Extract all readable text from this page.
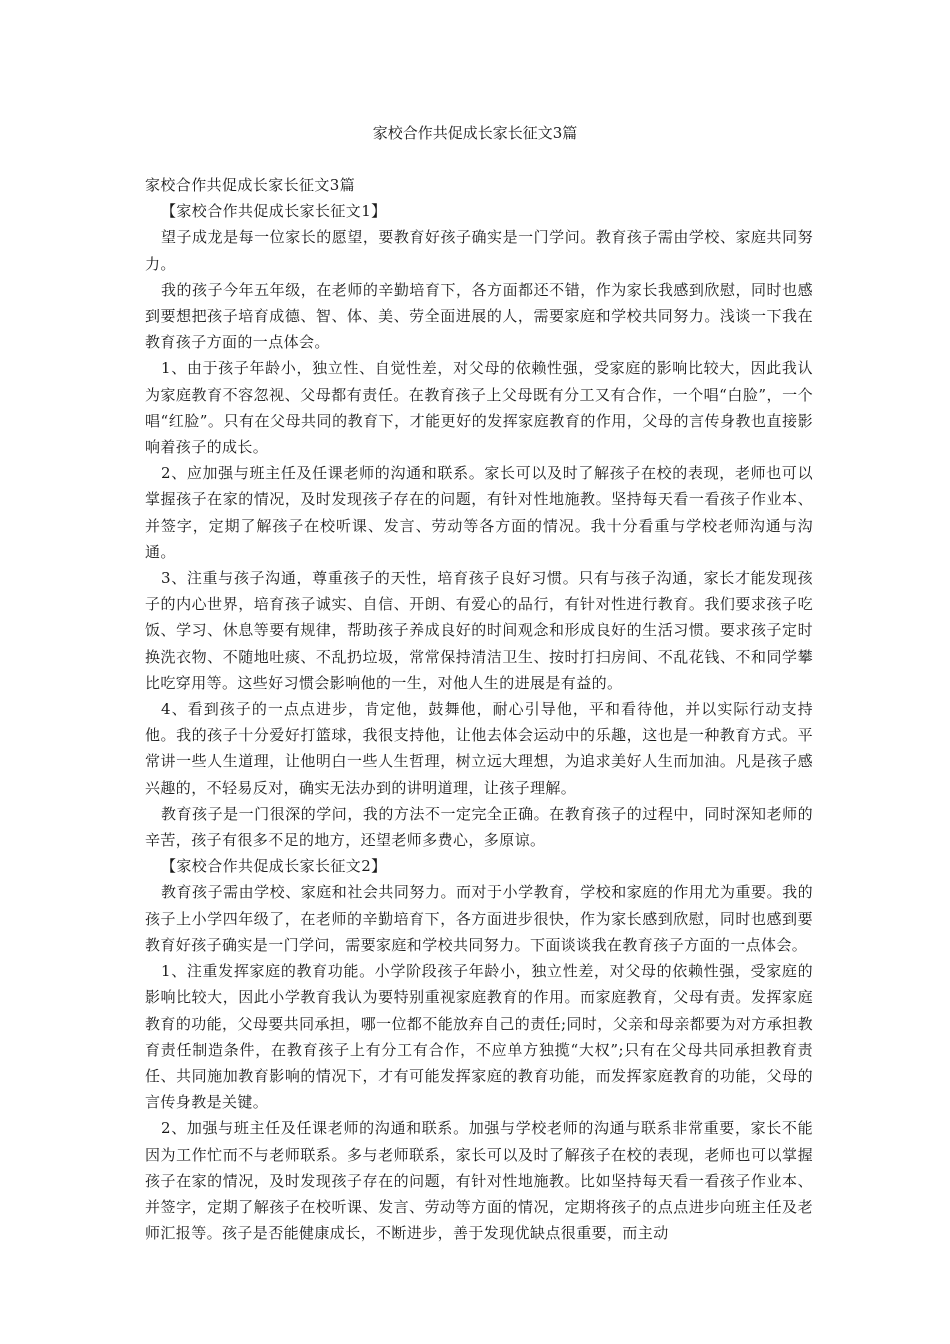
家校合作共促成长家长征文3篇

家校合作共促成长家长征文3篇

【家校合作共促成长家长征文1】

望子成龙是每一位家长的愿望，要教育好孩子确实是一门学问。教育孩子需由学校、家庭共同努力。

我的孩子今年五年级，在老师的辛勤培育下，各方面都还不错，作为家长我感到欣慰，同时也感到要想把孩子培育成德、智、体、美、劳全面进展的人，需要家庭和学校共同努力。浅谈一下我在教育孩子方面的一点体会。

1、由于孩子年龄小，独立性、自觉性差，对父母的依赖性强，受家庭的影响比较大，因此我认为家庭教育不容忽视、父母都有责任。在教育孩子上父母既有分工又有合作，一个唱“白脸”，一个唱“红脸”。只有在父母共同的教育下，才能更好的发挥家庭教育的作用，父母的言传身教也直接影响着孩子的成长。

2、应加强与班主任及任课老师的沟通和联系。家长可以及时了解孩子在校的表现，老师也可以掌握孩子在家的情况，及时发现孩子存在的问题，有针对性地施教。坚持每天看一看孩子作业本、并签字，定期了解孩子在校听课、发言、劳动等各方面的情况。我十分看重与学校老师沟通与沟通。

3、注重与孩子沟通，尊重孩子的天性，培育孩子良好习惯。只有与孩子沟通，家长才能发现孩子的内心世界，培育孩子诚实、自信、开朗、有爱心的品行，有针对性进行教育。我们要求孩子吃饭、学习、休息等要有规律，帮助孩子养成良好的时间观念和形成良好的生活习惯。要求孩子定时换洗衣物、不随地吐痰、不乱扔垃圾，常常保持清洁卫生、按时打扫房间、不乱花钱、不和同学攀比吃穿用等。这些好习惯会影响他的一生，对他人生的进展是有益的。

4、看到孩子的一点点进步，肯定他，鼓舞他，耐心引导他，平和看待他，并以实际行动支持他。我的孩子十分爱好打篮球，我很支持他，让他去体会运动中的乐趣，这也是一种教育方式。平常讲一些人生道理，让他明白一些人生哲理，树立远大理想，为追求美好人生而加油。凡是孩子感兴趣的，不轻易反对，确实无法办到的讲明道理，让孩子理解。

教育孩子是一门很深的学问，我的方法不一定完全正确。在教育孩子的过程中，同时深知老师的辛苦，孩子有很多不足的地方，还望老师多费心，多原谅。

【家校合作共促成长家长征文2】

教育孩子需由学校、家庭和社会共同努力。而对于小学教育，学校和家庭的作用尤为重要。我的孩子上小学四年级了，在老师的辛勤培育下，各方面进步很快，作为家长感到欣慰，同时也感到要教育好孩子确实是一门学问，需要家庭和学校共同努力。下面谈谈我在教育孩子方面的一点体会。

1、注重发挥家庭的教育功能。小学阶段孩子年龄小，独立性差，对父母的依赖性强，受家庭的影响比较大，因此小学教育我认为要特别重视家庭教育的作用。而家庭教育，父母有责。发挥家庭教育的功能，父母要共同承担，哪一位都不能放弃自己的责任;同时，父亲和母亲都要为对方承担教育责任制造条件，在教育孩子上有分工有合作，不应单方独揽“大权”;只有在父母共同承担教育责任、共同施加教育影响的情况下，才有可能发挥家庭的教育功能，而发挥家庭教育的功能，父母的言传身教是关键。

2、加强与班主任及任课老师的沟通和联系。加强与学校老师的沟通与联系非常重要，家长不能因为工作忙而不与老师联系。多与老师联系，家长可以及时了解孩子在校的表现，老师也可以掌握孩子在家的情况，及时发现孩子存在的问题，有针对性地施教。比如坚持每天看一看孩子作业本、并签字，定期了解孩子在校听课、发言、劳动等方面的情况，定期将孩子的点点进步向班主任及老师汇报等。孩子是否能健康成长，不断进步，善于发现优缺点很重要，而主动
